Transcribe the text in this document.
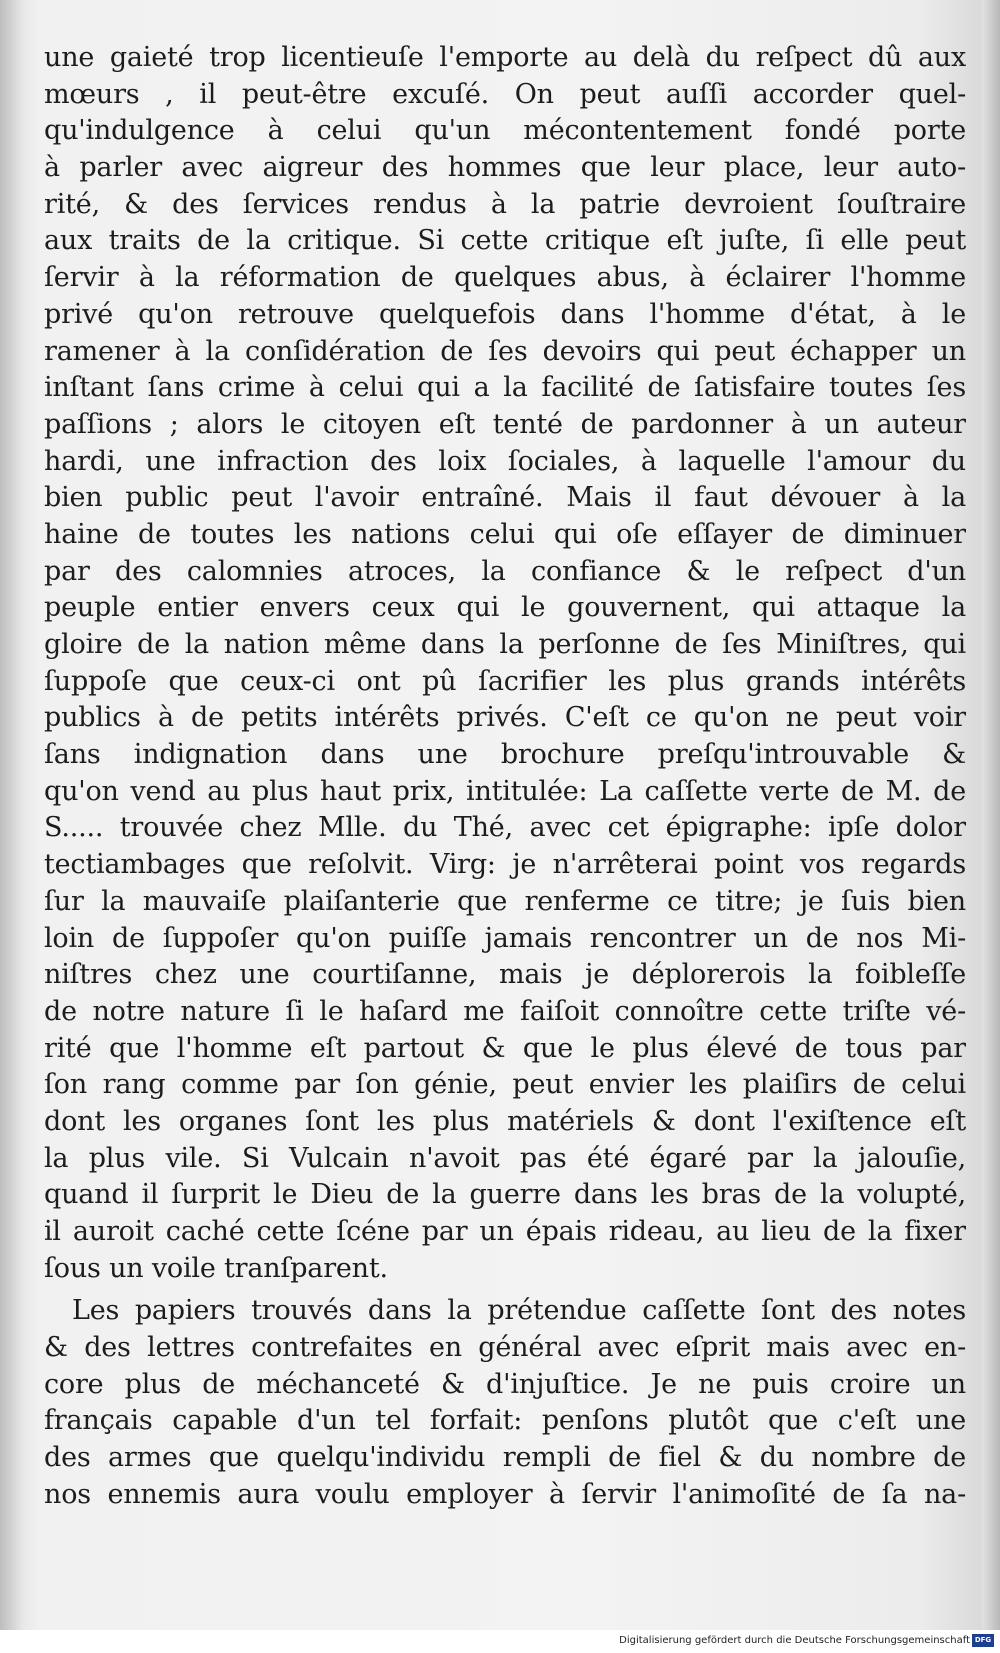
une gaieté trop licentieuſe l'emporte au delà du reſpect dû aux
mœurs , il peut-être excuſé. On peut auſſi accorder quel-
qu'indulgence à celui qu'un mécontentement fondé porte
à parler avec aigreur des hommes que leur place, leur auto-
rité, & des ſervices rendus à la patrie devroient ſouſtraire
aux traits de la critique. Si cette critique eſt juſte, ſi elle peut
ſervir à la réformation de quelques abus, à éclairer l'homme
privé qu'on retrouve quelquefois dans l'homme d'état, à le
ramener à la conſidération de ſes devoirs qui peut échapper un
inſtant ſans crime à celui qui a la facilité de ſatisfaire toutes ſes
paſſions ; alors le citoyen eſt tenté de pardonner à un auteur
hardi, une infraction des loix ſociales, à laquelle l'amour du
bien public peut l'avoir entraîné. Mais il faut dévouer à la
haine de toutes les nations celui qui oſe eſſayer de diminuer
par des calomnies atroces, la confiance & le reſpect d'un
peuple entier envers ceux qui le gouvernent, qui attaque la
gloire de la nation même dans la perſonne de ſes Miniſtres, qui
ſuppoſe que ceux-ci ont pû ſacrifier les plus grands intérêts
publics à de petits intérêts privés. C'eſt ce qu'on ne peut voir
ſans indignation dans une brochure preſqu'introuvable &
qu'on vend au plus haut prix, intitulée: La caſſette verte de M. de
S..... trouvée chez Mlle. du Thé, avec cet épigraphe: ipſe dolor
tectiambages que reſolvit. Virg: je n'arrêterai point vos regards
ſur la mauvaiſe plaiſanterie que renferme ce titre; je ſuis bien
loin de ſuppoſer qu'on puiſſe jamais rencontrer un de nos Mi-
niſtres chez une courtiſanne, mais je déplorerois la foibleſſe
de notre nature ſi le haſard me faiſoit connoître cette triſte vé-
rité que l'homme eſt partout & que le plus élevé de tous par
ſon rang comme par ſon génie, peut envier les plaiſirs de celui
dont les organes ſont les plus matériels & dont l'exiſtence eſt
la plus vile. Si Vulcain n'avoit pas été égaré par la jalouſie,
quand il ſurprit le Dieu de la guerre dans les bras de la volupté,
il auroit caché cette ſcéne par un épais rideau, au lieu de la fixer
ſous un voile tranſparent.
Les papiers trouvés dans la prétendue caſſette ſont des notes
& des lettres contrefaites en général avec eſprit mais avec en-
core plus de méchanceté & d'injuſtice. Je ne puis croire un
français capable d'un tel forfait: penſons plutôt que c'eſt une
des armes que quelqu'individu rempli de fiel & du nombre de
nos ennemis aura voulu employer à ſervir l'animoſité de ſa na-
Digitalisierung gefördert durch die Deutsche Forschungsgemeinschaft DFG
